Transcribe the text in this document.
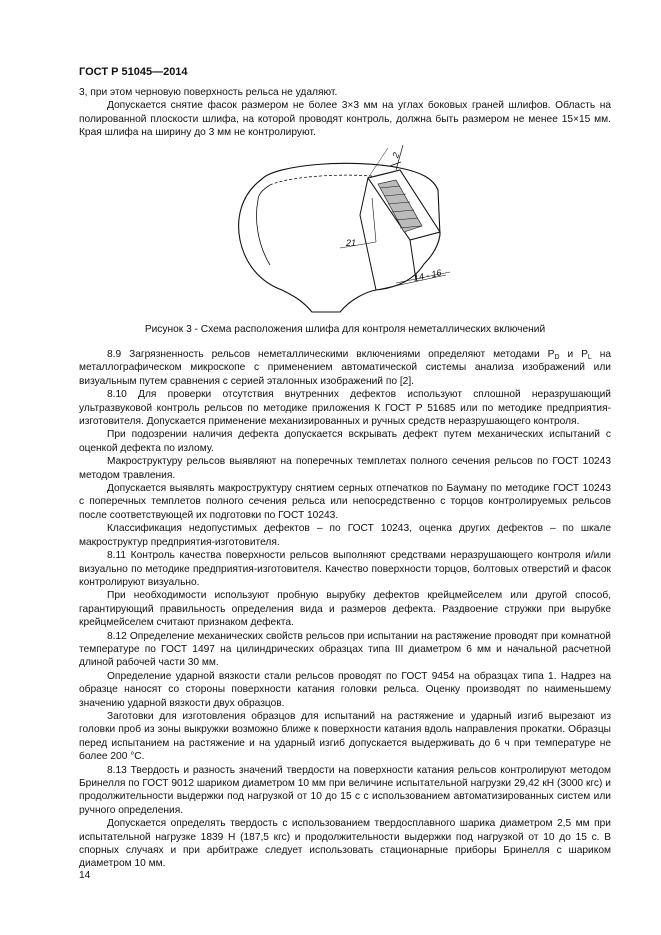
ГОСТ Р 51045—2014

3, при этом черновую поверхность рельса не удаляют.

Допускается снятие фасок размером не более 3×3 мм на углах боковых граней шлифов. Область на полированной плоскости шлифа, на которой проводят контроль, должна быть размером не менее 15×15 мм. Края шлифа на ширину до 3 мм не контролируют.

2
21
14 - 16
Рисунок 3 - Схема расположения шлифа для контроля неметаллических включений

8.9 Загрязненность рельсов неметаллическими включениями определяют методами $P_D$ и $P_L$ на металлографическом микроскопе с применением автоматической системы анализа изображений или визуальным путем сравнения с серией эталонных изображений по [2].

8.10 Для проверки отсутствия внутренних дефектов используют сплошной неразрушающий ультразвуковой контроль рельсов по методике приложения К ГОСТ Р 51685 или по методике предприятия-изготовителя. Допускается применение механизированных и ручных средств неразрушающего контроля.

При подозрении наличия дефекта допускается вскрывать дефект путем механических испытаний с оценкой дефекта по излому.

Макроструктуру рельсов выявляют на поперечных темплетах полного сечения рельсов по ГОСТ 10243 методом травления.

Допускается выявлять макроструктуру снятием серных отпечатков по Бауману по методике ГОСТ 10243 с поперечных темплетов полного сечения рельса или непосредственно с торцов контролируемых рельсов после соответствующей их подготовки по ГОСТ 10243.

Классификация недопустимых дефектов – по ГОСТ 10243, оценка других дефектов – по шкале макроструктур предприятия-изготовителя.

8.11 Контроль качества поверхности рельсов выполняют средствами неразрушающего контроля и/или визуально по методике предприятия-изготовителя. Качество поверхности торцов, болтовых отверстий и фасок контролируют визуально.

При необходимости используют пробную вырубку дефектов крейцмейселем или другой способ, гарантирующий правильность определения вида и размеров дефекта. Раздвоение стружки при вырубке крейцмейселем считают признаком дефекта.

8.12 Определение механических свойств рельсов при испытании на растяжение проводят при комнатной температуре по ГОСТ 1497 на цилиндрических образцах типа III диаметром 6 мм и начальной расчетной длиной рабочей части 30 мм.

Определение ударной вязкости стали рельсов проводят по ГОСТ 9454 на образцах типа 1. Надрез на образце наносят со стороны поверхности катания головки рельса. Оценку производят по наименьшему значению ударной вязкости двух образцов.

Заготовки для изготовления образцов для испытаний на растяжение и ударный изгиб вырезают из головки проб из зоны выкружки возможно ближе к поверхности катания вдоль направления прокатки. Образцы перед испытанием на растяжение и на ударный изгиб допускается выдерживать до 6 ч при температуре не более 200 °С.

8.13 Твердость и разность значений твердости на поверхности катания рельсов контролируют методом Бринелля по ГОСТ 9012 шариком диаметром 10 мм при величине испытательной нагрузки 29,42 кН (3000 кгс) и продолжительности выдержки под нагрузкой от 10 до 15 с с использованием автоматизированных систем или ручного определения.

Допускается определять твердость с использованием твердосплавного шарика диаметром 2,5 мм при испытательной нагрузке 1839 Н (187,5 кгс) и продолжительности выдержки под нагрузкой от 10 до 15 с. В спорных случаях и при арбитраже следует использовать стационарные приборы Бринелля с шариком диаметром 10 мм.

14
